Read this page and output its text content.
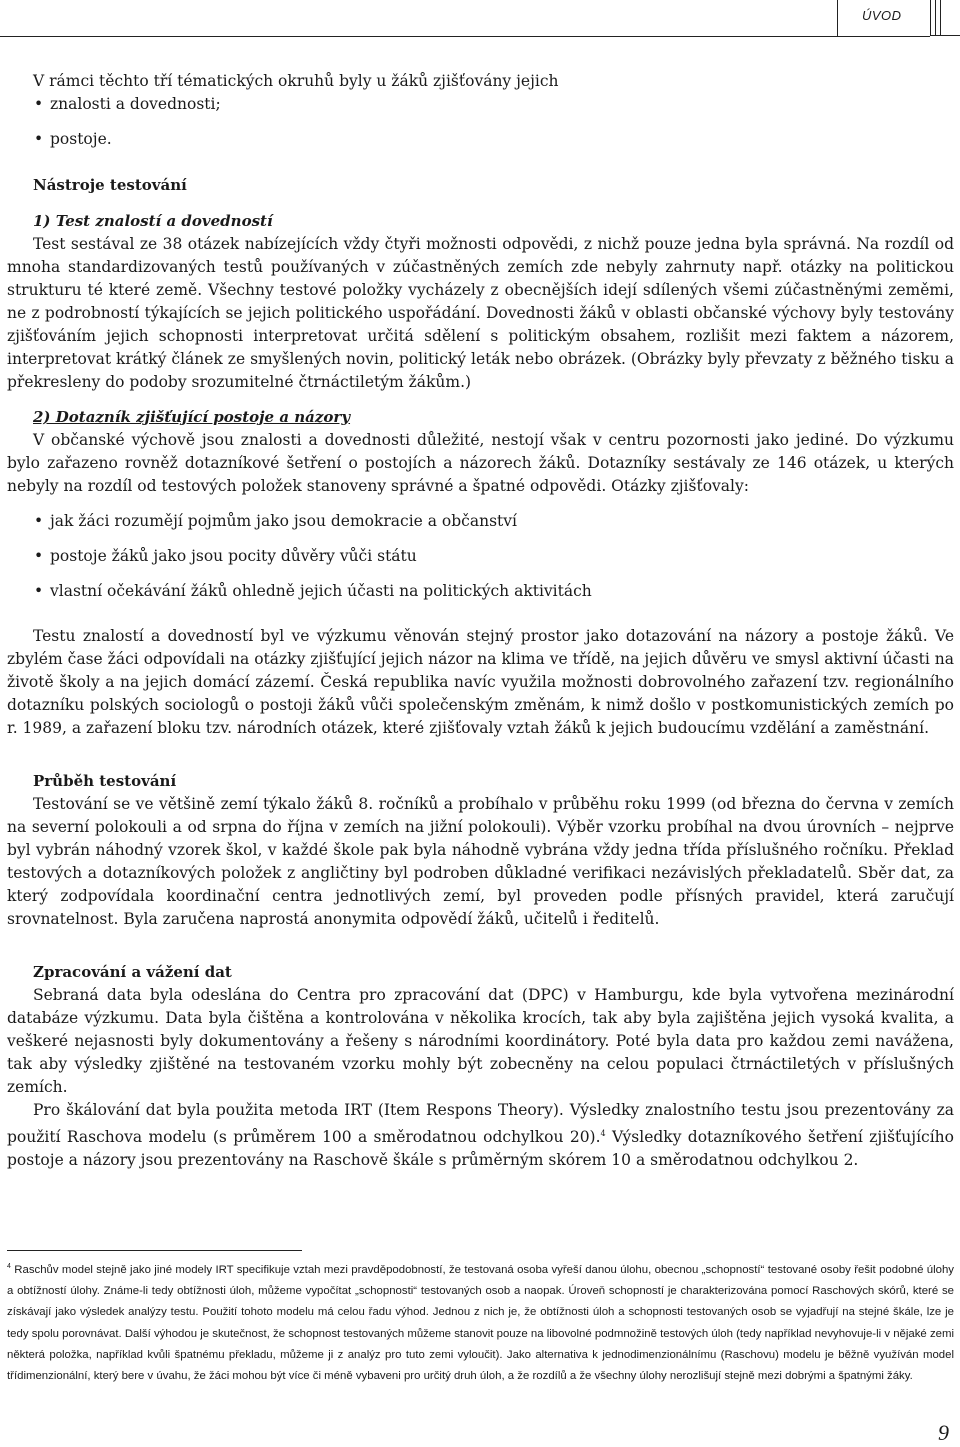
ÚVOD

V rámci těchto tří tématických okruhů byly u žáků zjišťovány jejich

• znalosti a dovednosti;
• postoje.
Nástroje testování
1) Test znalostí a dovedností

Test sestával ze 38 otázek nabízejících vždy čtyři možnosti odpovědi, z nichž pouze jedna byla správná. Na rozdíl od mnoha standardizovaných testů používaných v zúčastněných zemích zde nebyly zahrnuty např. otázky na politickou strukturu té které země. Všechny testové položky vycházely z obecnějších idejí sdílených všemi zúčastněnými zeměmi, ne z podrobností týkajících se jejich politického uspořádání. Dovednosti žáků v oblasti občanské výchovy byly testovány zjišťováním jejich schopnosti interpretovat určitá sdělení s politickým obsahem, rozlišit mezi faktem a názorem, interpretovat krátký článek ze smyšlených novin, politický leták nebo obrázek. (Obrázky byly převzaty z běžného tisku a překresleny do podoby srozumitelné čtrnáctiletým žákům.)

2) Dotazník zjišťující postoje a názory

V občanské výchově jsou znalosti a dovednosti důležité, nestojí však v centru pozornosti jako jediné. Do výzkumu bylo zařazeno rovněž dotazníkové šetření o postojích a názorech žáků. Dotazníky sestávaly ze 146 otázek, u kterých nebyly na rozdíl od testových položek stanoveny správné a špatné odpovědi. Otázky zjišťovaly:

• jak žáci rozumějí pojmům jako jsou demokracie a občanství
• postoje žáků jako jsou pocity důvěry vůči státu
• vlastní očekávání žáků ohledně jejich účasti na politických aktivitách

Testu znalostí a dovedností byl ve výzkumu věnován stejný prostor jako dotazování na názory a postoje žáků. Ve zbylém čase žáci odpovídali na otázky zjišťující jejich názor na klima ve třídě, na jejich důvěru ve smysl aktivní účasti na životě školy a na jejich domácí zázemí. Česká republika navíc využila možnosti dobrovolného zařazení tzv. regionálního dotazníku polských sociologů o postoji žáků vůči společenským změnám, k nimž došlo v postkomunistických zemích po r. 1989, a zařazení bloku tzv. národních otázek, které zjišťovaly vztah žáků k jejich budoucímu vzdělání a zaměstnání.

Průběh testování

Testování se ve většině zemí týkalo žáků 8. ročníků a probíhalo v průběhu roku 1999 (od března do června v zemích na severní polokouli a od srpna do října v zemích na jižní polokouli). Výběr vzorku probíhal na dvou úrovních – nejprve byl vybrán náhodný vzorek škol, v každé škole pak byla náhodně vybrána vždy jedna třída příslušného ročníku. Překlad testových a dotazníkových položek z angličtiny byl podroben důkladné verifikaci nezávislých překladatelů. Sběr dat, za který zodpovídala koordinační centra jednotlivých zemí, byl proveden podle přísných pravidel, která zaručují srovnatelnost. Byla zaručena naprostá anonymita odpovědí žáků, učitelů i ředitelů.

Zpracování a vážení dat

Sebraná data byla odeslána do Centra pro zpracování dat (DPC) v Hamburgu, kde byla vytvořena mezinárodní databáze výzkumu. Data byla čištěna a kontrolována v několika krocích, tak aby byla zajištěna jejich vysoká kvalita, a veškeré nejasnosti byly dokumentovány a řešeny s národními koordinátory. Poté byla data pro každou zemi navážena, tak aby výsledky zjištěné na testovaném vzorku mohly být zobecněny na celou populaci čtrnáctiletých v příslušných zemích.

Pro škálování dat byla použita metoda IRT (Item Respons Theory). Výsledky znalostního testu jsou prezentovány za použití Raschova modelu (s průměrem 100 a směrodatnou odchylkou 20).$^4$ Výsledky dotazníkového šetření zjišťujícího postoje a názory jsou prezentovány na Raschově škále s průměrným skórem 10 a směrodatnou odchylkou 2.

$^4$ Raschův model stejně jako jiné modely IRT specifikuje vztah mezi pravděpodobností, že testovaná osoba vyřeší danou úlohu, obecnou „schopností“ testované osoby řešit podobné úlohy a obtížností úlohy. Známe-li tedy obtížnosti úloh, můžeme vypočítat „schopnosti“ testovaných osob a naopak. Úroveň schopností je charakterizována pomocí Raschových skórů, které se získávají jako výsledek analýzy testu. Použití tohoto modelu má celou řadu výhod. Jednou z nich je, že obtížnosti úloh a schopnosti testovaných osob se vyjadřují na stejné škále, lze je tedy spolu porovnávat. Další výhodou je skutečnost, že schopnost testovaných můžeme stanovit pouze na libovolné podmnožině testových úloh (tedy například nevyhovuje-li v nějaké zemi některá položka, například kvůli špatnému překladu, můžeme ji z analýz pro tuto zemi vyloučit). Jako alternativa k jednodimenzionálnímu (Raschovu) modelu je běžně využíván model třídimenzionální, který bere v úvahu, že žáci mohou být více či méně vybaveni pro určitý druh úloh, a že rozdílů a že všechny úlohy nerozlišují stejně mezi dobrými a špatnými žáky.
9
